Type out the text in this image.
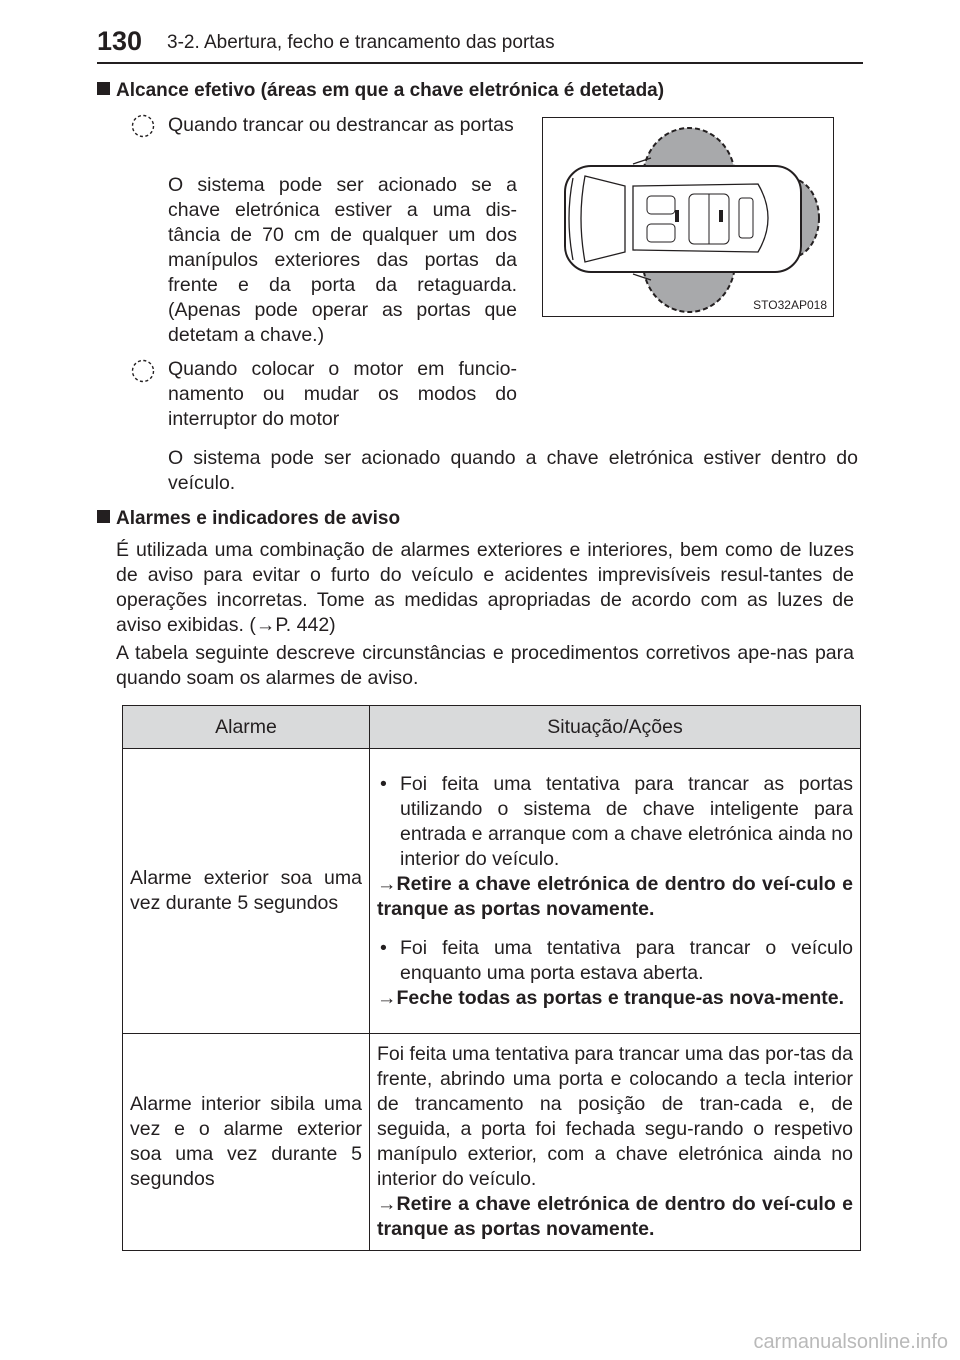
130 3-2. Abertura, fecho e trancamento das portas
Alcance efetivo (áreas em que a chave eletrónica é detetada)
Quando trancar ou destrancar as portas
O sistema pode ser acionado se a chave eletrónica estiver a uma dis-tância de 70 cm de qualquer um dos manípulos exteriores das portas da frente e da porta da retaguarda. (Apenas pode operar as portas que detetam a chave.)
Quando colocar o motor em funcio-namento ou mudar os modos do interruptor do motor
O sistema pode ser acionado quando a chave eletrónica estiver dentro do veículo.
STO32AP018
Alarmes e indicadores de aviso
É utilizada uma combinação de alarmes exteriores e interiores, bem como de luzes de aviso para evitar o furto do veículo e acidentes imprevisíveis resul-tantes de operações incorretas. Tome as medidas apropriadas de acordo com as luzes de aviso exibidas. (→P. 442)
A tabela seguinte descreve circunstâncias e procedimentos corretivos ape-nas para quando soam os alarmes de aviso.
Alarme	Situação/Ações
Alarme exterior soa uma vez durante 5 segundos	• Foi feita uma tentativa para trancar as portas utilizando o sistema de chave inteligente para entrada e arranque com a chave eletrónica ainda no interior do veículo.
→Retire a chave eletrónica de dentro do veí-culo e tranque as portas novamente.
• Foi feita uma tentativa para trancar o veículo enquanto uma porta estava aberta.
→Feche todas as portas e tranque-as nova-mente.

Alarme interior sibila uma vez e o alarme exterior soa uma vez durante 5 segundos	Foi feita uma tentativa para trancar uma das por-tas da frente, abrindo uma porta e colocando a tecla interior de trancamento na posição de tran-cada e, de seguida, a porta foi fechada segu-rando o respetivo manípulo exterior, com a chave eletrónica ainda no interior do veículo.
→Retire a chave eletrónica de dentro do veí-culo e tranque as portas novamente.
carmanualsonline.info
